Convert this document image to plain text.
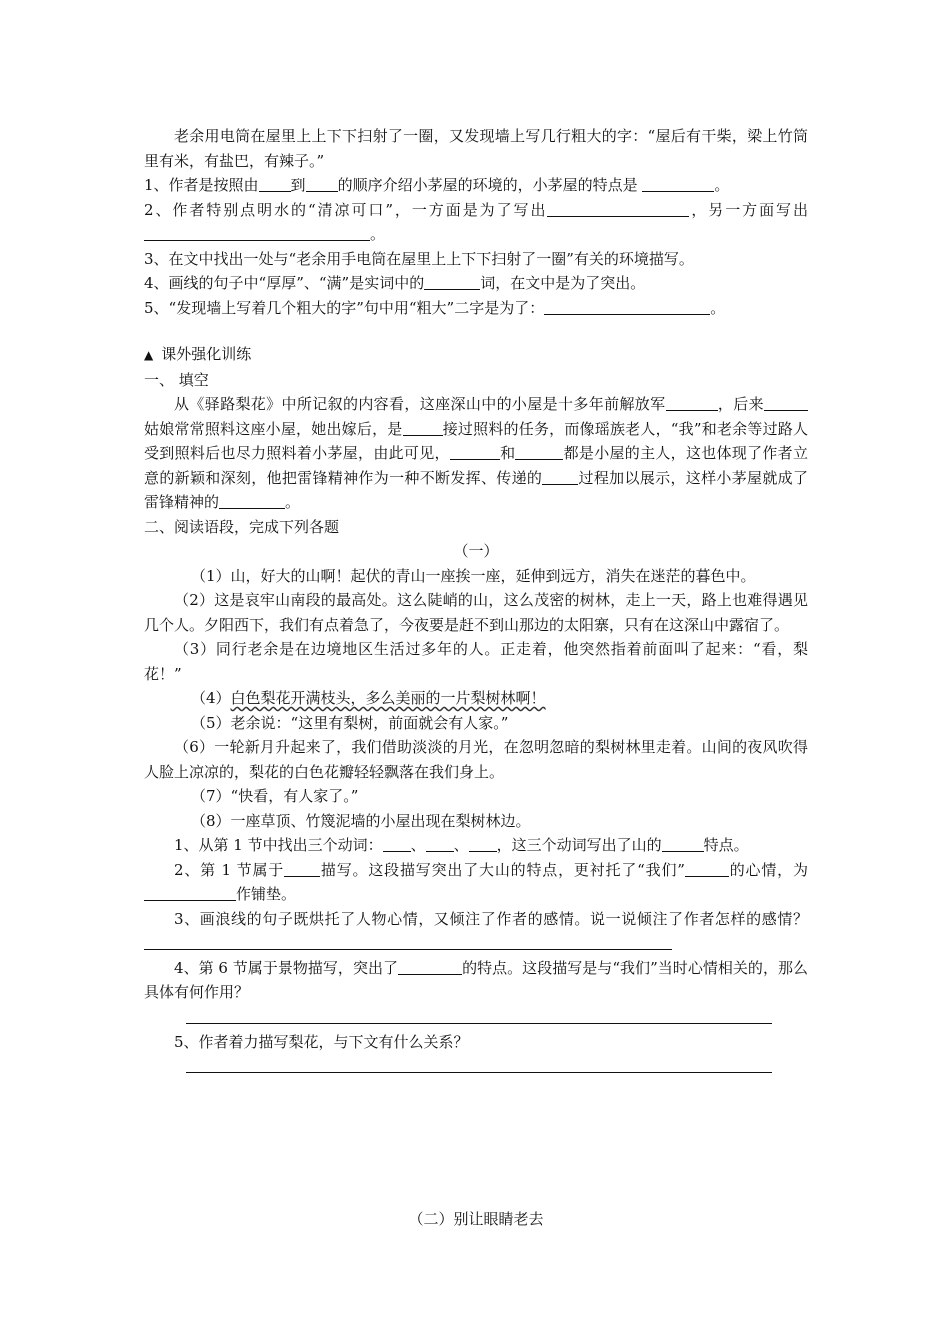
老余用电筒在屋里上上下下扫射了一圈，又发现墙上写几行粗大的字：“屋后有干柴，梁上竹筒里有米，有盐巴，有辣子。”

1、作者是按照由 到 的顺序介绍小茅屋的环境的，小茅屋的特点是	。

2、作者特别点明水的“清凉可口”，一方面是为了写出	，另一方面写出 。

3、在文中找出一处与“老余用手电筒在屋里上上下下扫射了一圈”有关的环境描写。

4、画线的句子中“厚厚”、“满”是实词中的	词，在文中是为了突出。

5、“发现墙上写着几个粗大的字”句中用“粗大”二字是为了：	。

▲ 课外强化训练

一、 填空

从《驿路梨花》中所记叙的内容看，这座深山中的小屋是十多年前解放军	，后来姑娘常常照料这座小屋，她出嫁后，是	接过照料的任务，而像瑶族老人，“我”和老余等过路人受到照料后也尽力照料着小茅屋，由此可见，	和	都是小屋的主人，这也体现了作者立意的新颖和深刻，他把雷锋精神作为一种不断发挥、传递的 过程加以展示，这样小茅屋就成了雷锋精神的	。

二、阅读语段，完成下列各题

（一）

（1）山，好大的山啊！起伏的青山一座挨一座，延伸到远方，消失在迷茫的暮色中。

（2）这是哀牢山南段的最高处。这么陡峭的山，这么茂密的树林，走上一天，路上也难得遇见几个人。夕阳西下，我们有点着急了，今夜要是赶不到山那边的太阳寨，只有在这深山中露宿了。

（3）同行老余是在边境地区生活过多年的人。正走着，他突然指着前面叫了起来：“看，梨花！”

（4）白色梨花开满枝头，多么美丽的一片梨树林啊！

（5）老余说：“这里有梨树，前面就会有人家。”

（6）一轮新月升起来了，我们借助淡淡的月光，在忽明忽暗的梨树林里走着。山间的夜风吹得人脸上凉凉的，梨花的白色花瓣轻轻飘落在我们身上。

（7）“快看，有人家了。”

（8）一座草顶、竹篾泥墙的小屋出现在梨树林边。

1、从第 1 节中找出三个动词： 、 、 ，这三个动词写出了山的	特点。

2、第 1 节属于 描写。这段描写突出了大山的特点，更衬托了“我们”	的心情，为作铺垫。

3、画浪线的句子既烘托了人物心情，又倾注了作者的感情。说一说倾注了作者怎样的感情？

4、第 6 节属于景物描写，突出了	的特点。这段描写是与“我们”当时心情相关的，那么具体有何作用？

5、作者着力描写梨花，与下文有什么关系？

（二）别让眼睛老去
